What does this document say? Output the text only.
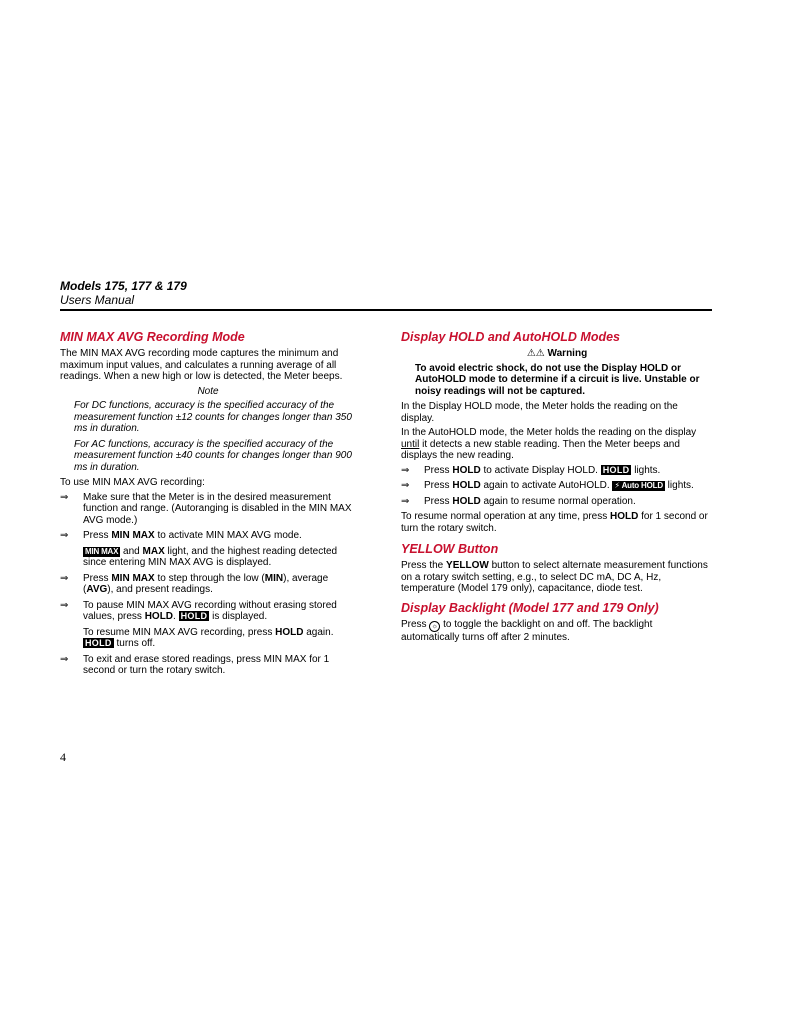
Models 175, 177 & 179
Users Manual
MIN MAX AVG Recording Mode

The MIN MAX AVG recording mode captures the minimum and maximum input values, and calculates a running average of all readings. When a new high or low is detected, the Meter beeps.

Note
For DC functions, accuracy is the specified accuracy of the measurement function ±12 counts for changes longer than 350 ms in duration.
For AC functions, accuracy is the specified accuracy of the measurement function ±40 counts for changes longer than 900 ms in duration.

To use MIN MAX AVG recording:

⇒ Make sure that the Meter is in the desired measurement function and range. (Autoranging is disabled in the MIN MAX AVG mode.)
⇒ Press MIN MAX to activate MIN MAX AVG mode.
MIN MAX and MAX light, and the highest reading detected since entering MIN MAX AVG is displayed.
⇒ Press MIN MAX to step through the low (MIN), average (AVG), and present readings.
⇒ To pause MIN MAX AVG recording without erasing stored values, press HOLD. HOLD is displayed.
To resume MIN MAX AVG recording, press HOLD again.
HOLD turns off.
⇒ To exit and erase stored readings, press MIN MAX for 1 second or turn the rotary switch.
Display HOLD and AutoHOLD Modes
⚠⚠ Warning
To avoid electric shock, do not use the Display HOLD or AutoHOLD mode to determine if a circuit is live. Unstable or noisy readings will not be captured.

In the Display HOLD mode, the Meter holds the reading on the display.

In the AutoHOLD mode, the Meter holds the reading on the display until it detects a new stable reading. Then the Meter beeps and displays the new reading.

⇒ Press HOLD to activate Display HOLD. HOLD lights.
⇒ Press HOLD again to activate AutoHOLD. ⚡ Auto HOLD lights.
⇒ Press HOLD again to resume normal operation.

To resume normal operation at any time, press HOLD for 1 second or turn the rotary switch.

YELLOW Button

Press the YELLOW button to select alternate measurement functions on a rotary switch setting, e.g., to select DC mA, DC A, Hz, temperature (Model 179 only), capacitance, diode test.

Display Backlight (Model 177 and 179 Only)

Press ☼ to toggle the backlight on and off. The backlight automatically turns off after 2 minutes.

4
